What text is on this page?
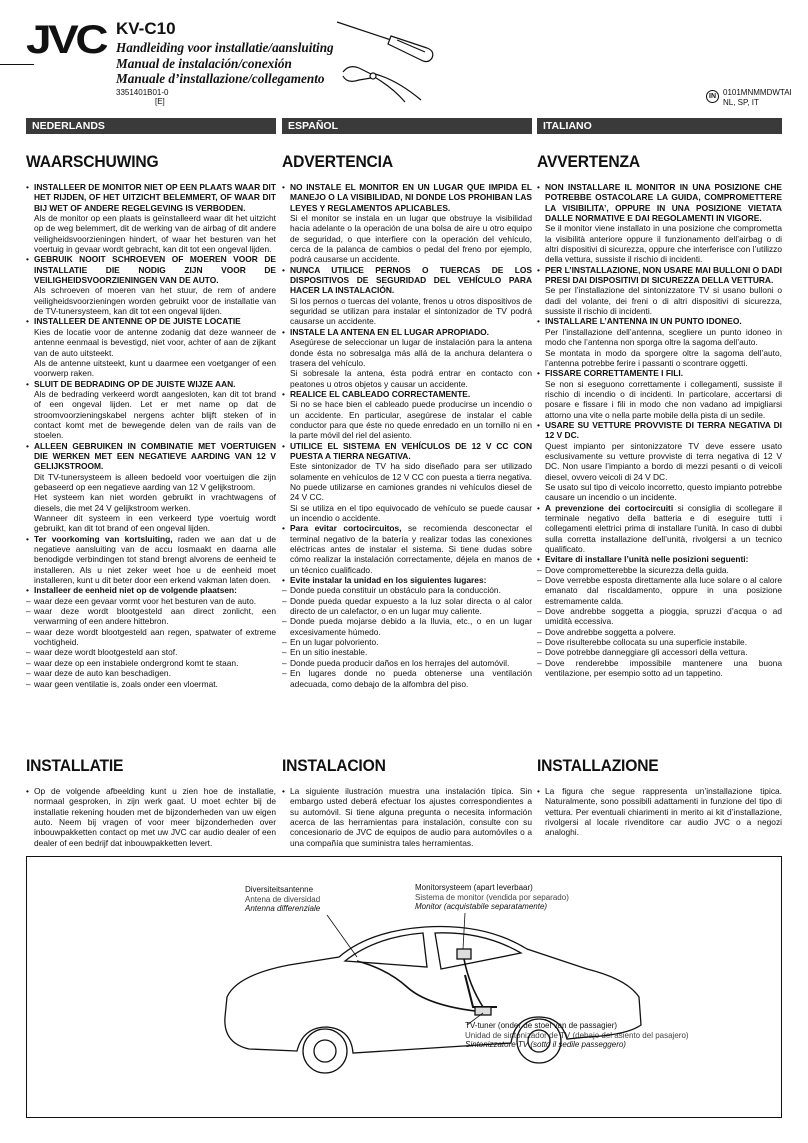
JVC KV-C10
Handleiding voor installatie/aansluiting
Manual de instalación/conexión
Manuale d’installazione/collegamento
3351401B01-0
[E]
IN 0101MNMMDWTAI
NL, SP, IT
NEDERLANDS	ESPAÑOL	ITALIANO
WAARSCHUWING
• INSTALLEER DE MONITOR NIET OP EEN PLAATS WAAR DIT HET RIJDEN, OF HET UITZICHT BELEMMERT, OF WAAR DIT BIJ WET OF ANDERE REGELGEVING IS VERBODEN.
Als de monitor op een plaats is geïnstalleerd waar dit het uitzicht op de weg belemmert, dit de werking van de airbag of dit andere veiligheidsvoorzieningen hindert, of waar het besturen van het voertuig in gevaar wordt gebracht, kan dit tot een ongeval lijden.
• GEBRUIK NOOIT SCHROEVEN OF MOEREN VOOR DE INSTALLATIE DIE NODIG ZIJN VOOR DE VEILIGHEIDSVOORZIENINGEN VAN DE AUTO.
Als schroeven of moeren van het stuur, de rem of andere veiligheidsvoorzieningen worden gebruikt voor de installatie van de TV-tunersysteem, kan dit tot een ongeval lijden.
• INSTALLEER DE ANTENNE OP DE JUISTE LOCATIE
Kies de locatie voor de antenne zodanig dat deze wanneer de antenne eenmaal is bevestigd, niet voor, achter of aan de zijkant van de auto uitsteekt.
Als de antenne uitsteekt, kunt u daarmee een voetganger of een voorwerp raken.
• SLUIT DE BEDRADING OP DE JUISTE WIJZE AAN.
Als de bedrading verkeerd wordt aangesloten, kan dit tot brand of een ongeval lijden. Let er met name op dat de stroomvoorzieningskabel nergens achter blijft steken of in contact komt met de bewegende delen van de rails van de stoelen.
• ALLEEN GEBRUIKEN IN COMBINATIE MET VOERTUIGEN DIE WERKEN MET EEN NEGATIEVE AARDING VAN 12 V GELIJKSTROOM.
Dit TV-tunersysteem is alleen bedoeld voor voertuigen die zijn gebaseerd op een negatieve aarding van 12 V gelijkstroom.
Het systeem kan niet worden gebruikt in vrachtwagens of diesels, die met 24 V gelijkstroom werken.
Wanneer dit systeem in een verkeerd type voertuig wordt gebruikt, kan dit tot brand of een ongeval lijden.
• Ter voorkoming van kortsluiting, raden we aan dat u de negatieve aansluiting van de accu losmaakt en daarna alle benodigde verbindingen tot stand brengt alvorens de eenheid te installeren. Als u niet zeker weet hoe u de eenheid moet installeren, kunt u dit beter door een erkend vakman laten doen.
• Installeer de eenheid niet op de volgende plaatsen:
– waar deze een gevaar vormt voor het besturen van de auto.
– waar deze wordt blootgesteld aan direct zonlicht, een verwarming of een andere hittebron.
– waar deze wordt blootgesteld aan regen, spatwater of extreme vochtigheid.
– waar deze wordt blootgesteld aan stof.
– waar deze op een instabiele ondergrond komt te staan.
– waar deze de auto kan beschadigen.
– waar geen ventilatie is, zoals onder een vloermat.
ADVERTENCIA
• NO INSTALE EL MONITOR EN UN LUGAR QUE IMPIDA EL MANEJO O LA VISIBILIDAD, NI DONDE LOS PROHIBAN LAS LEYES Y REGLAMENTOS APLICABLES.
Si el monitor se instala en un lugar que obstruye la visibilidad hacia adelante o la operación de una bolsa de aire u otro equipo de seguridad, o que interfiere con la operación del vehículo, cerca de la palanca de cambios o pedal del freno por ejemplo, podrá causarse un accidente.
• NUNCA UTILICE PERNOS O TUERCAS DE LOS DISPOSITIVOS DE SEGURIDAD DEL VEHÍCULO PARA HACER LA INSTALACIÓN.
Si los pernos o tuercas del volante, frenos u otros dispositivos de seguridad se utilizan para instalar el sintonizador de TV podrá causarse un accidente.
• INSTALE LA ANTENA EN EL LUGAR APROPIADO.
Asegúrese de seleccionar un lugar de instalación para la antena donde ésta no sobresalga más allá de la anchura delantera o trasera del vehículo.
Si sobresale la antena, ésta podrá entrar en contacto con peatones u otros objetos y causar un accidente.
• REALICE EL CABLEADO CORRECTAMENTE.
Si no se hace bien el cableado puede producirse un incendio o un accidente. En particular, asegúrese de instalar el cable conductor para que éste no quede enredado en un tornillo ni en la parte móvil del riel del asiento.
• UTILICE EL SISTEMA EN VEHÍCULOS DE 12 V CC CON PUESTA A TIERRA NEGATIVA.
Este sintonizador de TV ha sido diseñado para ser utilizado solamente en vehículos de 12 V CC con puesta a tierra negativa. No puede utilizarse en camiones grandes ni vehículos diesel de 24 V CC.
Si se utiliza en el tipo equivocado de vehículo se puede causar un incendio o accidente.
• Para evitar cortocircuitos, se recomienda desconectar el terminal negativo de la batería y realizar todas las conexiones eléctricas antes de instalar el sistema. Si tiene dudas sobre cómo realizar la instalación correctamente, déjela en manos de un técnico cualificado.
• Evite instalar la unidad en los siguientes lugares:
– Donde pueda constituir un obstáculo para la conducción.
– Donde pueda quedar expuesto a la luz solar directa o al calor directo de un calefactor, o en un lugar muy caliente.
– Donde pueda mojarse debido a la lluvia, etc., o en un lugar excesivamente húmedo.
– En un lugar polvoriento.
– En un sitio inestable.
– Donde pueda producir daños en los herrajes del automóvil.
– En lugares donde no pueda obtenerse una ventilación adecuada, como debajo de la alfombra del piso.
AVVERTENZA
• NON INSTALLARE IL MONITOR IN UNA POSIZIONE CHE POTREBBE OSTACOLARE LA GUIDA, COMPROMETTERE LA VISIBILITA’, OPPURE IN UNA POSIZIONE VIETATA DALLE NORMATIVE E DAI REGOLAMENTI IN VIGORE.
Se il monitor viene installato in una posizione che comprometta la visibilità anteriore oppure il funzionamento dell’airbag o di altri dispositivi di sicurezza, oppure che interferisce con l’utilizzo della vettura, sussiste il rischio di incidenti.
• PER L’INSTALLAZIONE, NON USARE MAI BULLONI O DADI PRESI DAI DISPOSITIVI DI SICUREZZA DELLA VETTURA.
Se per l’installazione del sintonizzatore TV si usano bulloni o dadi del volante, dei freni o di altri dispositivi di sicurezza, sussiste il rischio di incidenti.
• INSTALLARE L’ANTENNA IN UN PUNTO IDONEO.
Per l’installazione dell’antenna, scegliere un punto idoneo in modo che l’antenna non sporga oltre la sagoma dell’auto.
Se montata in modo da sporgere oltre la sagoma dell’auto, l’antenna potrebbe ferire i passanti o scontrare oggetti.
• FISSARE CORRETTAMENTE I FILI.
Se non si eseguono correttamente i collegamenti, sussiste il rischio di incendio o di incidenti. In particolare, accertarsi di posare e fissare i fili in modo che non vadano ad impigliarsi attorno una vite o nella parte mobile della pista di un sedile.
• USARE SU VETTURE PROVVISTE DI TERRA NEGATIVA DI 12 V DC.
Quest impianto per sintonizzatore TV deve essere usato esclusivamente su vetture provviste di terra negativa di 12 V DC. Non usare l’impianto a bordo di mezzi pesanti o di veicoli diesel, ovvero veicoli di 24 V DC.
Se usato sul tipo di veicolo incorretto, questo impianto potrebbe causare un incendio o un incidente.
• A prevenzione dei cortocircuiti si consiglia di scollegare il terminale negativo della batteria e di eseguire tutti i collegamenti elettrici prima di installare l’unità. In caso di dubbi sulla corretta installazione dell’unità, rivolgersi a un tecnico qualificato.
• Evitare di installare l’unità nelle posizioni seguenti:
– Dove comprometterebbe la sicurezza della guida.
– Dove verrebbe esposta direttamente alla luce solare o al calore emanato dal riscaldamento, oppure in una posizione estremamente calda.
– Dove andrebbe soggetta a pioggia, spruzzi d’acqua o ad umidità eccessiva.
– Dove andrebbe soggetta a polvere.
– Dove risulterebbe collocata su una superficie instabile.
– Dove potrebbe danneggiare gli accessori della vettura.
– Dove renderebbe impossibile mantenere una buona ventilazione, per esempio sotto ad un tappetino.
INSTALLATIE
• Op de volgende afbeelding kunt u zien hoe de installatie, normaal gesproken, in zijn werk gaat. U moet echter bij de installatie rekening houden met de bijzonderheden van uw eigen auto. Neem bij vragen of voor meer bijzonderheden over inbouwpakketten contact op met uw JVC car audio dealer of een dealer of een bedrijf dat inbouwpakketten levert.
INSTALACION
• La siguiente ilustración muestra una instalación típica. Sin embargo usted deberá efectuar los ajustes correspondientes a su automóvil. Si tiene alguna pregunta o necesita información acerca de las herramientas para instalación, consulte con su concesionario de JVC de equipos de audio para automóviles o a una compañía que suministra tales herramientas.
INSTALLAZIONE
• La figura che segue rappresenta un’installazione tipica. Naturalmente, sono possibili adattamenti in funzione del tipo di vettura. Per eventuali chiarimenti in merito ai kit d’installazione, rivolgersi al locale rivenditore car audio JVC o a negozi analoghi.
Diversiteitsantenne
Antena de diversidad
Antenna differenziale
Monitorsysteem (apart leverbaar)
Sistema de monitor (vendida por separado)
Monitor (acquistabile separatamente)
TV-tuner (onder de stoel van de passagier)
Unidad de sintonizador de TV (debajo del asiento del pasajero)
Sintonizzatore TV (sotto il sedile passeggero)
